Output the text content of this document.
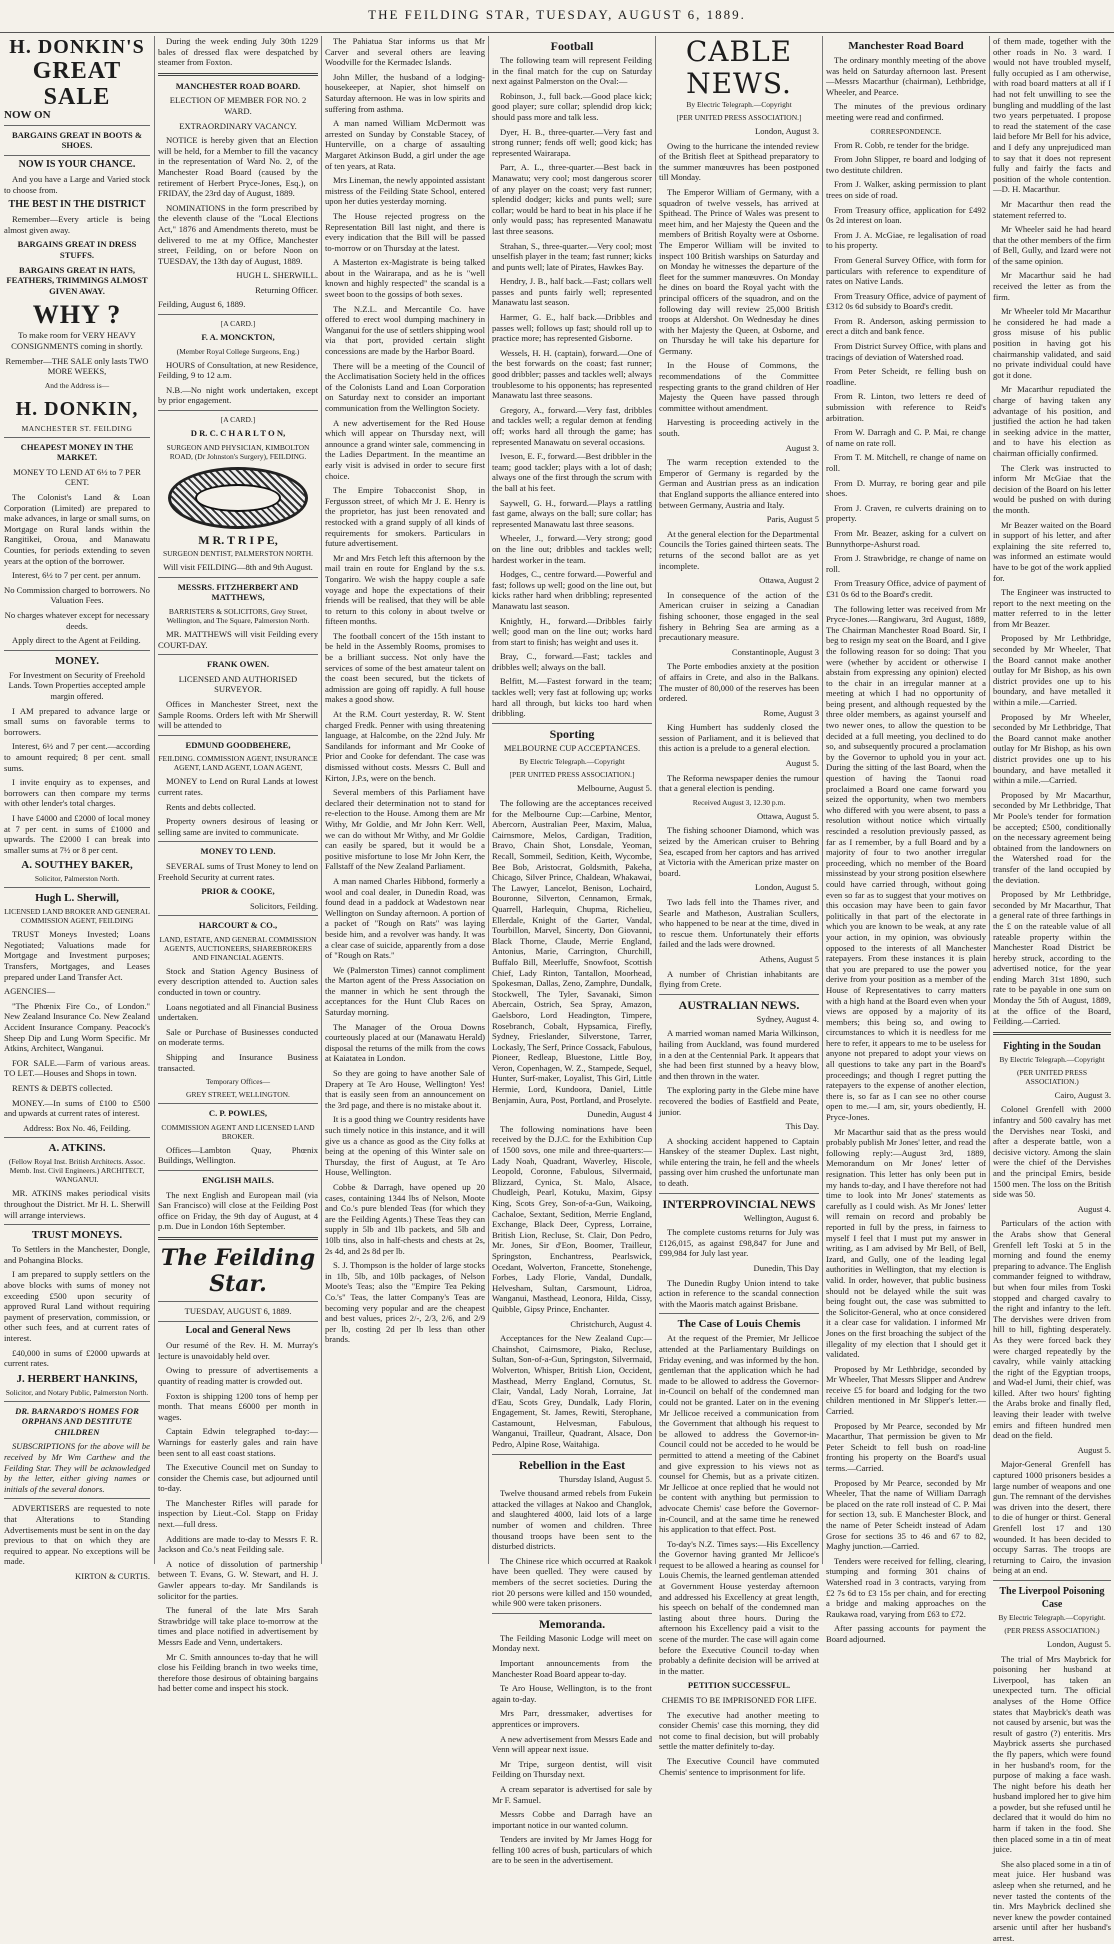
THE FEILDING STAR, TUESDAY, AUGUST 6, 1889.
H. DONKIN'S
GREAT SALE NOW ON

BARGAINS GREAT IN BOOTS & SHOES.

NOW IS YOUR CHANCE.

And you have a Large and Varied stock to choose from.

THE BEST IN THE DISTRICT

Remember—Every article is being almost given away.

BARGAINS GREAT IN DRESS STUFFS.

BARGAINS GREAT IN HATS, FEATHERS, TRIMMINGS ALMOST GIVEN AWAY.

WHY ?

To make room for VERY HEAVY CONSIGNMENTS coming in shortly.

Remember—THE SALE only lasts TWO MORE WEEKS,

And the Address is—

H. DONKIN,

MANCHESTER ST. FEILDING

CHEAPEST MONEY IN THE MARKET.

MONEY TO LEND AT 6½ to 7 PER CENT.

The Colonist's Land & Loan Corporation (Limited) are prepared to make advances, in large or small sums, on Mortgage on Rural lands within the Rangitikei, Oroua, and Manawatu Counties, for periods extending to seven years at the option of the borrower.

Interest, 6½ to 7 per cent. per annum.

No Commission charged to borrowers. No Valuation Fees.

No charges whatever except for necessary deeds.

Apply direct to the Agent at Feilding.

MONEY.

For Investment on Security of Freehold Lands. Town Properties accepted ample margin offered.

I AM prepared to advance large or small sums on favorable terms to borrowers.

Interest, 6½ and 7 per cent.—according to amount required; 8 per cent. small sums.

I invite enquiry as to expenses, and borrowers can then compare my terms with other lender's total charges.

I have £4000 and £2000 of local money at 7 per cent. in sums of £1000 and upwards. The £2000 I can break into smaller sums at 7½ or 8 per cent.

A. SOUTHEY BAKER,

Solicitor, Palmerston North.

Hugh L. Sherwill,

LICENSED LAND BROKER AND GENERAL COMMISSION AGENT, FEILDING

TRUST Moneys Invested; Loans Negotiated; Valuations made for Mortgage and Investment purposes; Transfers, Mortgages, and Leases prepared under Land Transfer Act.

AGENCIES—

"The Phœnix Fire Co., of London." New Zealand Insurance Co. New Zealand Accident Insurance Company. Peacock's Sheep Dip and Lung Worm Specific. Mr Atkins, Architect, Wanganui.

FOR SALE.—Farm of various areas. TO LET.—Houses and Shops in town.

RENTS & DEBTS collected.

MONEY.—In sums of £100 to £500 and upwards at current rates of interest.

Address: Box No. 46, Feilding.

A. ATKINS.

(Fellow Royal Inst. British Architects. Assoc. Memb. Inst. Civil Engineers.) ARCHITECT, WANGANUI.

MR. ATKINS makes periodical visits throughout the District. Mr H. L. Sherwill will arrange interviews.

TRUST MONEYS.

To Settlers in the Manchester, Dongle, and Pohangina Blocks.

I am prepared to supply settlers on the above blocks with sums of money not exceeding £500 upon security of approved Rural Land without requiring payment of preservation, commission, or other such fees, and at current rates of interest.

£40,000 in sums of £2000 upwards at current rates.

J. HERBERT HANKINS,

Solicitor, and Notary Public, Palmerston North.

DR. BARNARDO'S HOMES FOR ORPHANS AND DESTITUTE CHILDREN

SUBSCRIPTIONS for the above will be received by Mr Wm Carthew and the Feilding Star. They will be acknowledged by the letter, either giving names or initials of the several donors.

ADVERTISERS are requested to note that Alterations to Standing Advertisements must be sent in on the day previous to that on which they are required to appear. No exceptions will be made.

KIRTON & CURTIS.

During the week ending July 30th 1229 bales of dressed flax were despatched by steamer from Foxton.

MANCHESTER ROAD BOARD.

ELECTION OF MEMBER FOR NO. 2 WARD.

EXTRAORDINARY VACANCY.

NOTICE is hereby given that an Election will be held, for a Member to fill the vacancy in the representation of Ward No. 2, of the Manchester Road Board (caused by the retirement of Herbert Pryce-Jones, Esq.), on FRIDAY, the 23rd day of August, 1889.

NOMINATIONS in the form prescribed by the eleventh clause of the "Local Elections Act," 1876 and Amendments thereto, must be delivered to me at my Office, Manchester street, Feilding, on or before Noon on TUESDAY, the 13th day of August, 1889.

HUGH L. SHERWILL.

Returning Officer.

Feilding, August 6, 1889.

[A CARD.]

F. A. MONCKTON,

(Member Royal College Surgeons, Eng.)

HOURS of Consultation, at new Residence, Feilding, 9 to 12 a.m.

N.B.—No night work undertaken, except by prior engagement.

[A CARD.]

D R. C. C H A R L T O N,

SURGEON AND PHYSICIAN, KIMBOLTON ROAD, (Dr Johnston's Surgery), FEILDING.

M R. T R I P E,

SURGEON DENTIST, PALMERSTON NORTH.

Will visit FEILDING—8th and 9th August.

MESSRS. FITZHERBERT AND MATTHEWS,

BARRISTERS & SOLICITORS, Grey Street, Wellington, and The Square, Palmerston North.

MR. MATTHEWS will visit Feilding every COURT-DAY.

FRANK OWEN.

LICENSED AND AUTHORISED SURVEYOR.

Offices in Manchester Street, next the Sample Rooms. Orders left with Mr Sherwill will be attended to

EDMUND GOODBEHERE,

FEILDING. COMMISSION AGENT, INSURANCE AGENT, LAND AGENT, LOAN AGENT,

MONEY to Lend on Rural Lands at lowest current rates.

Rents and debts collected.

Property owners desirous of leasing or selling same are invited to communicate.

MONEY TO LEND.

SEVERAL sums of Trust Money to lend on Freehold Security at current rates.

PRIOR & COOKE,

Solicitors, Feilding.

HARCOURT & CO.,

LAND, ESTATE, AND GENERAL COMMISSION AGENTS, AUCTIONEERS, SHAREBROKERS AND FINANCIAL AGENTS.

Stock and Station Agency Business of every description attended to. Auction sales conducted in town or country.

Loans negotiated and all Financial Business undertaken.

Sale or Purchase of Businesses conducted on moderate terms.

Shipping and Insurance Business transacted.

Temporary Offices—

GREY STREET, WELLINGTON.

C. P. POWLES,

COMMISSION AGENT AND LICENSED LAND BROKER.

Offices—Lambton Quay, Phœnix Buildings, Wellington.

ENGLISH MAILS.

The next English and European mail (via San Francisco) will close at the Feilding Post office on Friday, the 9th day of August, at 4 p.m. Due in London 16th September.

The Feilding Star.

TUESDAY, AUGUST 6, 1889.

Local and General News

Our resumé of the Rev. H. M. Murray's lecture is unavoidably held over.

Owing to pressure of advertisements a quantity of reading matter is crowded out.

Foxton is shipping 1200 tons of hemp per month. That means £6000 per month in wages.

Captain Edwin telegraphed to-day:—Warnings for easterly gales and rain have been sent to all east coast stations.

The Executive Council met on Sunday to consider the Chemis case, but adjourned until to-day.

The Manchester Rifles will parade for inspection by Lieut.-Col. Stapp on Friday next.—full dress.

Additions are made to-day to Messrs F. R. Jackson and Co.'s neat Feilding sale.

A notice of dissolution of partnership between T. Evans, G. W. Stewart, and H. J. Gawler appears to-day. Mr Sandilands is solicitor for the parties.

The funeral of the late Mrs Sarah Strawbridge will take place to-morrow at the times and place notified in advertisement by Messrs Eade and Venn, undertakers.

Mr C. Smith announces to-day that he will close his Feilding branch in two weeks time, therefore those desirous of obtaining bargains had better come and inspect his stock.

The Pahiatua Star informs us that Mr Carver and several others are leaving Woodville for the Kermadec Islands.

John Miller, the husband of a lodging-housekeeper, at Napier, shot himself on Saturday afternoon. He was in low spirits and suffering from asthma.

A man named William McDermott was arrested on Sunday by Constable Stacey, of Hunterville, on a charge of assaulting Margaret Atkinson Budd, a girl under the age of ten years, at Rata.

Mrs Lineman, the newly appointed assistant mistress of the Feilding State School, entered upon her duties yesterday morning.

The House rejected progress on the Representation Bill last night, and there is every indication that the Bill will be passed to-morrow or on Thursday at the latest.

A Masterton ex-Magistrate is being talked about in the Wairarapa, and as he is "well known and highly respected" the scandal is a sweet boon to the gossips of both sexes.

The N.Z.L. and Mercantile Co. have offered to erect wool dumping machinery in Wanganui for the use of settlers shipping wool via that port, provided certain slight concessions are made by the Harbor Board.

There will be a meeting of the Council of the Acclimatisation Society held in the offices of the Colonists Land and Loan Corporation on Saturday next to consider an important communication from the Wellington Society.

A new advertisement for the Red House which will appear on Thursday next, will announce a grand winter sale, commencing in the Ladies Department. In the meantime an early visit is advised in order to secure first choice.

The Empire Tobacconist Shop, in Fergusson street, of which Mr J. E. Henry is the proprietor, has just been renovated and restocked with a grand supply of all kinds of requirements for smokers. Particulars in future advertisement.

Mr and Mrs Fetch left this afternoon by the mail train en route for England by the s.s. Tongariro. We wish the happy couple a safe voyage and hope the expectations of their friends will be realised, that they will be able to return to this colony in about twelve or fifteen months.

The football concert of the 15th instant to be held in the Assembly Rooms, promises to be a brilliant success. Not only have the services of some of the best amateur talent on the coast been secured, but the tickets of admission are going off rapidly. A full house makes a good show.

At the R.M. Court yesterday, R. W. Stent charged Fredk. Penner with using threatening language, at Halcombe, on the 22nd July. Mr Sandilands for informant and Mr Cooke of Prior and Cooke for defendant. The case was dismissed without costs. Messrs C. Bull and Kirton, J.P.s, were on the bench.

Several members of this Parliament have declared their determination not to stand for re-election to the House. Among them are Mr Withy, Mr Goldie, and Mr John Kerr. Well, we can do without Mr Withy, and Mr Goldie can easily be spared, but it would be a positive misfortune to lose Mr John Kerr, the Fallstaff of the New Zealand Parliament.

A man named Charles Hibbond, formerly a wool and coal dealer, in Dunedin Road, was found dead in a paddock at Wadestown near Wellington on Sunday afternoon. A portion of a packet of "Rough on Rats" was laying beside him, and a revolver was handy. It was a clear case of suicide, apparently from a dose of "Rough on Rats."

We (Palmerston Times) cannot compliment the Marton agent of the Press Association on the manner in which he sent through the acceptances for the Hunt Club Races on Saturday morning.

The Manager of the Oroua Downs courteously placed at our (Manawatu Herald) disposal the returns of the milk from the cows at Kaiatatea in London.

So they are going to have another Sale of Drapery at Te Aro House, Wellington! Yes! that is easily seen from an announcement on the 3rd page, and there is no mistake about it.

It is a good thing we Country residents have such timely notice in this instance, and it will give us a chance as good as the City folks at being at the opening of this Winter sale on Thursday, the first of August, at Te Aro House, Wellington.

Cobbe & Darragh, have opened up 20 cases, containing 1344 lbs of Nelson, Moote and Co.'s pure blended Teas (for which they are the Feilding Agents.) These Teas they can supply in 5lb and 1lb packets, and 5lb and 10lb tins, also in half-chests and chests at 2s, 2s 4d, and 2s 8d per lb.

S. J. Thompson is the holder of large stocks in 1lb, 5lb, and 10lb packages, of Nelson Moote's Teas; also the "Empire Tea Peking Co.'s" Teas, the latter Company's Teas are becoming very popular and are the cheapest and best values, prices 2/-, 2/3, 2/6, and 2/9 per lb, costing 2d per lb less than other brands.

Football

The following team will represent Feilding in the final match for the cup on Saturday next against Palmerston on the Oval:—

Robinson, J., full back.—Good place kick; good player; sure collar; splendid drop kick; should pass more and talk less.

Dyer, H. B., three-quarter.—Very fast and strong runner; fends off well; good kick; has represented Wairarapa.

Parr, A. L., three-quarter.—Best back in Manawatu; very cool; most dangerous scorer of any player on the coast; very fast runner; splendid dodger; kicks and punts well; sure collar; would be hard to beat in his place if he only would pass; has represented Manawatu last three seasons.

Strahan, S., three-quarter.—Very cool; most unselfish player in the team; fast runner; kicks and punts well; late of Pirates, Hawkes Bay.

Hendry, J. B., half back.—Fast; collars well passes and punts fairly well; represented Manawatu last season.

Harmer, G. E., half back.—Dribbles and passes well; follows up fast; should roll up to practice more; has represented Gisborne.

Wessels, H. H. (captain), forward.—One of the best forwards on the coast; fast runner; good dribbler; passes and tackles well; always troublesome to his opponents; has represented Manawatu last three seasons.

Gregory, A., forward.—Very fast, dribbles and tackles well; a regular demon at fending off; works hard all through the game; has represented Manawatu on several occasions.

Iveson, E. F., forward.—Best dribbler in the team; good tackler; plays with a lot of dash; always one of the first through the scrum with the ball at his feet.

Saywell, G. H., forward.—Plays a rattling fast game, always on the ball; sure collar; has represented Manawatu last three seasons.

Wheeler, J., forward.—Very strong; good on the line out; dribbles and tackles well; hardest worker in the team.

Hodges, C., centre forward.—Powerful and fast; follows up well; good on the line out, but kicks rather hard when dribbling; represented Manawatu last season.

Knightly, H., forward.—Dribbles fairly well; good man on the line out; works hard from start to finish; has weight and uses it.

Bray, C., forward.—Fast; tackles and dribbles well; always on the ball.

Belfitt, M.—Fastest forward in the team; tackles well; very fast at following up; works hard all through, but kicks too hard when dribbling.

Sporting

MELBOURNE CUP ACCEPTANCES.

By Electric Telegraph.—Copyright

[PER UNITED PRESS ASSOCIATION.]

Melbourne, August 5.

The following are the acceptances received for the Melbourne Cup:—Carbine, Mentor, Abercorn, Australian Peer, Maxim, Malua, Cairnsmore, Melos, Cardigan, Tradition, Bravo, Chain Shot, Lonsdale, Yeoman, Recall, Sommeil, Sedition, Keith, Wycombe, Bee Bob, Aristocrat, Goldsmith, Pakeha, Chicago, Silver Prince, Chaldean, Whakawai, The Lawyer, Lancelot, Benison, Lochaird, Bouronne, Silverton, Cennamon, Ermak, Quarrell, Harlequin, Chupma, Richelieu, Ellerdale, Knight of the Garter, Vandal, Tourbillon, Marvel, Sincerty, Don Giovanni, Black Thorne, Claude, Merrie England, Antonius, Marie, Carrington, Churchill, Buffalo Bill, Meerluffe, Snowfoot, Scottish Chief, Lady Rinton, Tantallon, Moorhead, Spokesman, Dallas, Zeno, Zamphre, Dundalk, Stockwell, The Tyler, Savanaki, Simon Abercain, Ostrich, Sea Spray, Amazon, Gaelsboro, Lord Headington, Timpere, Rosebranch, Cobalt, Hypsamica, Firefly, Sydney, Frieslander, Silverstone, Tarrer, Lockasly, The Serf, Prince Cossack, Fabulous, Pioneer, Redleap, Bluestone, Little Boy, Veron, Copenhagen, W. Z., Stampede, Sequel, Hunter, Surf-maker, Loyalist, This Girl, Little Hermie, Lord, Kundoora, Daniel, Little Benjamin, Aura, Post, Portland, and Proselyte.

Dunedin, August 4

The following nominations have been received by the D.J.C. for the Exhibition Cup of 1500 sovs, one mile and three-quarters:—Lady Noah, Quadrant, Waverley, Hiscole, Leopold, Coronne, Fabulous, Silvermaid, Blizzard, Cynica, St. Malo, Alsace, Chudleigh, Pearl, Kotuku, Maxim, Gipsy King, Scots Grey, Son-of-a-Gun, Waikoing, Cachaloe, Sextant, Sedition, Merrie England, Exchange, Black Deer, Cypress, Lorraine, British Lion, Recluse, St. Clair, Don Pedro, Mr. Jones, Sir d'Eon, Boomer, Trailleur, Springston, Enchantress, Pearlswick, Ocedant, Wolverton, Francette, Stonehenge, Forbes, Lady Florie, Vandal, Dundalk, Helvesham, Sultan, Carsmount, Lidroa, Wanganui, Masthead, Leonora, Hilda, Cissy, Quibble, Gipsy Prince, Enchanter.

Christchurch, August 4.

Acceptances for the New Zealand Cup:—Chainshot, Cairnsmore, Piako, Recluse, Sultan, Son-of-a-Gun, Springston, Silvermaid, Wolverton, Whisper, British Lion, Occident, Masthead, Merry England, Cornutus, St. Clair, Vandal, Lady Norah, Lorraine, Jat d'Eau, Scots Grey, Dundalk, Lady Florin, Engagement, St. James, Rewiti, Sterophane, Castamount, Helvesman, Fabulous, Wanganui, Trailleur, Quadrant, Alsace, Don Pedro, Alpine Rose, Waitahiga.

Rebellion in the East

Thursday Island, August 5.

Twelve thousand armed rebels from Fukein attacked the villages at Nakoo and Changlok, and slaughtered 4000, laid lots of a large number of women and children. Three thousand troops have been sent to the disturbed districts.

The Chinese rice which occurred at Raakok have been quelled. They were caused by members of the secret societies. During the riot 20 persons were killed and 150 wounded, while 900 were taken prisoners.

Memoranda.

The Feilding Masonic Lodge will meet on Monday next.

Important announcements from the Manchester Road Board appear to-day.

Te Aro House, Wellington, is to the front again to-day.

Mrs Parr, dressmaker, advertises for apprentices or improvers.

A new advertisement from Messrs Eade and Venn will appear next issue.

Mr Tripe, surgeon dentist, will visit Feilding on Thursday next.

A cream separator is advertised for sale by Mr F. Samuel.

Messrs Cobbe and Darragh have an important notice in our wanted column.

Tenders are invited by Mr James Hogg for felling 100 acres of bush, particulars of which are to be seen in the advertisement.

CABLE NEWS.

By Electric Telegraph.—Copyright

[PER UNITED PRESS ASSOCIATION.]

London, August 3.

Owing to the hurricane the intended review of the British fleet at Spithead preparatory to the summer manœuvres has been postponed till Monday.

The Emperor William of Germany, with a squadron of twelve vessels, has arrived at Spithead. The Prince of Wales was present to meet him, and her Majesty the Queen and the members of British Royalty were at Osborne. The Emperor William will be invited to inspect 100 British warships on Saturday and on Monday he witnesses the departure of the fleet for the summer manœuvres. On Monday he dines on board the Royal yacht with the principal officers of the squadron, and on the following day will review 25,000 British troops at Aldershot. On Wednesday he dines with her Majesty the Queen, at Osborne, and on Thursday he will take his departure for Germany.

In the House of Commons, the recommendations of the Committee respecting grants to the grand children of Her Majesty the Queen have passed through committee without amendment.

Harvesting is proceeding actively in the south.

August 3.

The warm reception extended to the Emperor of Germany is regarded by the German and Austrian press as an indication that England supports the alliance entered into between Germany, Austria and Italy.

Paris, August 5

At the general election for the Departmental Councils the Tories gained thirteen seats. The returns of the second ballot are as yet incomplete.

Ottawa, August 2

In consequence of the action of the American cruiser in seizing a Canadian fishing schooner, those engaged in the seal fishery in Behring Sea are arming as a precautionary measure.

Constantinople, August 3

The Porte embodies anxiety at the position of affairs in Crete, and also in the Balkans. The muster of 80,000 of the reserves has been ordered.

Rome, August 3

King Humbert has suddenly closed the session of Parliament, and it is believed that this action is a prelude to a general election.

August 5.

The Reforma newspaper denies the rumour that a general election is pending.

Received August 3, 12.30 p.m.

Ottawa, August 5.

The fishing schooner Diamond, which was seized by the American cruiser to Behring Sea, escaped from her captors and has arrived at Victoria with the American prize master on board.

London, August 5.

Two lads fell into the Thames river, and Searle and Matheson, Australian Scullers, who happened to be near at the time, dived in to rescue them. Unfortunately their efforts failed and the lads were drowned.

Athens, August 5

A number of Christian inhabitants are flying from Crete.

AUSTRALIAN NEWS.

Sydney, August 4.

A married woman named Maria Wilkinson, hailing from Auckland, was found murdered in a den at the Centennial Park. It appears that she had been first stunned by a heavy blow, and then thrown in the water.

The exploring party in the Glebe mine have recovered the bodies of Eastfield and Peate, junior.

This Day.

A shocking accident happened to Captain Hanskey of the steamer Duplex. Last night, while entering the train, he fell and the wheels passing over him crushed the unfortunate man to death.

INTERPROVINCIAL NEWS

Wellington, August 6.

The complete customs returns for July was £126,015, as against £98,847 for June and £99,984 for July last year.

Dunedin, This Day

The Dunedin Rugby Union intend to take action in reference to the scandal connection with the Maoris match against Brisbane.

The Case of Louis Chemis

At the request of the Premier, Mr Jellicoe attended at the Parliamentary Buildings on Friday evening, and was informed by the hon. gentleman that the application which he had made to be allowed to address the Governor-in-Council on behalf of the condemned man could not be granted. Later on in the evening Mr Jellicoe received a communication from the Government that although his request to be allowed to address the Governor-in-Council could not be acceded to he would be permitted to attend a meeting of the Cabinet and give expression to his views not as counsel for Chemis, but as a private citizen. Mr Jellicoe at once replied that he would not be content with anything but permission to advocate Chemis' case before the Governor-in-Council, and at the same time he renewed his application to that effect. Post.

To-day's N.Z. Times says:—His Excellency the Governor having granted Mr Jellicoe's request to be allowed a hearing as counsel for Louis Chemis, the learned gentleman attended at Government House yesterday afternoon and addressed his Excellency at great length, his speech on behalf of the condemned man lasting about three hours. During the afternoon his Excellency paid a visit to the scene of the murder. The case will again come before the Executive Council to-day when probably a definite decision will be arrived at in the matter.

PETITION SUCCESSFUL.

CHEMIS TO BE IMPRISONED FOR LIFE.

The executive had another meeting to consider Chemis' case this morning, they did not come to final decision, but will probably settle the matter definitely to-day.

The Executive Council have commuted Chemis' sentence to imprisonment for life.

Manchester Road Board

The ordinary monthly meeting of the above was held on Saturday afternoon last. Present—Messrs Macarthur (chairman), Lethbridge, Wheeler, and Pearce.

The minutes of the previous ordinary meeting were read and confirmed.

CORRESPONDENCE.

From R. Cobb, re tender for the bridge.

From John Slipper, re board and lodging of two destitute children.

From J. Walker, asking permission to plant trees on side of road.

From Treasury office, application for £492 0s 2d interest on loan.

From J. A. McGiae, re legalisation of road to his property.

From General Survey Office, with form for particulars with reference to expenditure of rates on Native Lands.

From Treasury Office, advice of payment of £312 0s 6d subsidy to Board's credit.

From R. Anderson, asking permission to erect a ditch and bank fence.

From District Survey Office, with plans and tracings of deviation of Watershed road.

From Peter Scheidt, re felling bush on roadline.

From R. Linton, two letters re deed of submission with reference to Reid's arbitration.

From W. Darragh and C. P. Mai, re change of name on rate roll.

From T. M. Mitchell, re change of name on roll.

From D. Murray, re boring gear and pile shoes.

From J. Craven, re culverts draining on to property.

From Mr. Beazer, asking for a culvert on Bunnythorpe-Ashurst road.

From J. Strawbridge, re change of name on roll.

From Treasury Office, advice of payment of £31 0s 6d to the Board's credit.

The following letter was received from Mr Pryce-Jones.—Rangiwaru, 3rd August, 1889, The Chairman Manchester Road Board. Sir, I beg to resign my seat on the Board, and I give the following reason for so doing: That you were (whether by accident or otherwise I abstain from expressing any opinion) elected to the chair in an irregular manner at a meeting at which I had no opportunity of being present, and although requested by the three older members, as against yourself and two newer ones, to allow the question to be decided at a full meeting, you declined to do so, and subsequently procured a proclamation by the Governor to uphold you in your act. During the sitting of the last Board, when the question of having the Taonui road proclaimed a Board one came forward you seized the opportunity, when two members who differed with you were absent, to pass a resolution without notice which virtually rescinded a resolution previously passed, as far as I remember, by a full Board and by a majority of four to two another irregular proceeding, which no member of the Board missinstead by your strong position elsewhere could have carried through, without going even so far as to suggest that your motives on this occasion may have been to gain favor politically in that part of the electorate in which you are known to be weak, at any rate your action, in my opinion, was obviously opposed to the interests of all Manchester ratepayers. From these instances it is plain that you are prepared to use the power you derive from your position as a member of the House of Representatives to carry matters with a high hand at the Board even when your views are opposed by a majority of its members; this being so, and owing to circumstances to which it is needless for me here to refer, it appears to me to be useless for anyone not prepared to adopt your views on all questions to take any part in the Board's proceedings; and though I regret putting the ratepayers to the expense of another election, there is, so far as I can see no other course open to me.—I am, sir, yours obediently, H. Pryce-Jones.

Mr Macarthur said that as the press would probably publish Mr Jones' letter, and read the following reply:—August 3rd, 1889, Memorandum on Mr Jones' letter of resignation. This letter has only been put in my hands to-day, and I have therefore not had time to look into Mr Jones' statements as carefully as I could wish. As Mr Jones' letter will remain on record and probably be reported in full by the press, in fairness to myself I feel that I must put my answer in writing, as I am advised by Mr Bell, of Bell, Izard, and Gully, one of the leading legal authorities in Wellington, that my election is valid. In order, however, that public business should not be delayed while the suit was being fought out, the case was submitted to the Solicitor-General, who at once considered it a clear case for validation. I informed Mr Jones on the first broaching the subject of the illegality of my election that I should get it validated.

Proposed by Mr Lethbridge, seconded by Mr Wheeler, That Messrs Slipper and Andrew receive £5 for board and lodging for the two children mentioned in Mr Slipper's letter.—Carried.

Proposed by Mr Pearce, seconded by Mr Macarthur, That permission be given to Mr Peter Scheidt to fell bush on road-line fronting his property on the Board's usual terms.—Carried.

Proposed by Mr Pearce, seconded by Mr Wheeler, That the name of William Darragh be placed on the rate roll instead of C. P. Mai for section 13, sub. E Manchester Block, and the name of Peter Scheidt instead of Adam Grose for sections 35 to 46 and 67 to 82, Maghy junction.—Carried.

Tenders were received for felling, clearing, stumping and forming 301 chains of Watershed road in 3 contracts, varying from £2 7s 6d to £3 15s per chain, and for erecting a bridge and making approaches on the Raukawa road, varying from £63 to £72.

After passing accounts for payment the Board adjourned.

of them made, together with the other roads in No. 3 ward. I would not have troubled myself, fully occupied as I am otherwise, with road board matters at all if I had not felt unwilling to see the bungling and muddling of the last two years perpetuated. I propose to read the statement of the case laid before Mr Bell for his advice, and I defy any unprejudiced man to say that it does not represent fully and fairly the facts and position of the whole contention.—D. H. Macarthur.

Mr Macarthur then read the statement referred to.

Mr Wheeler said he had heard that the other members of the firm of Bell, Gully, and Izard were not of the same opinion.

Mr Macarthur said he had received the letter as from the firm.

Mr Wheeler told Mr Macarthur he considered he had made a gross misuse of his public position in having got his chairmanship validated, and said no private individual could have got it done.

Mr Macarthur repudiated the charge of having taken any advantage of his position, and justified the action he had taken in seeking advice in the matter, and to have his election as chairman officially confirmed.

The Clerk was instructed to inform Mr McGiae that the decision of the Board on his letter would be pushed on with during the month.

Mr Beazer waited on the Board in support of his letter, and after explaining the site referred to, was informed an estimate would have to be got of the work applied for.

The Engineer was instructed to report to the next meeting on the matter referred to in the letter from Mr Beazer.

Proposed by Mr Lethbridge, seconded by Mr Wheeler, That the Board cannot make another outlay for Mr Bishop, as his own district provides one up to his boundary, and have metalled it within a mile.—Carried.

Proposed by Mr Wheeler, seconded by Mr Lethbridge, That the Board cannot make another outlay for Mr Bishop, as his own district provides one up to his boundary, and have metalled it within a mile.—Carried.

Proposed by Mr Macarthur, seconded by Mr Lethbridge, That Mr Poole's tender for formation be accepted; £500, conditionally on the necessary agreement being obtained from the landowners on the Watershed road for the transfer of the land occupied by the deviation.

Proposed by Mr Lethbridge, seconded by Mr Macarthur, That a general rate of three farthings in the £ on the rateable value of all rateable property within the Manchester Road District be hereby struck, according to the advertised notice, for the year ending March 31st 1890, such rate to be payable in one sum on Monday the 5th of August, 1889, at the office of the Board, Feilding.—Carried.

Fighting in the Soudan

By Electric Telegraph.—Copyright

(PER UNITED PRESS ASSOCIATION.)

Cairo, August 3.

Colonel Grenfell with 2000 infantry and 500 cavalry has met the Dervishes near Toski, and after a desperate battle, won a decisive victory. Among the slain were the chief of the Dervishes and the principal Emirs, beside 1500 men. The loss on the British side was 50.

August 4.

Particulars of the action with the Arabs show that General Grenfell left Toski at 5 in the morning and found the enemy preparing to advance. The English commander feigned to withdraw, but when four miles from Toski stopped and charged cavalry to the right and infantry to the left. The dervishes were driven from hill to hill, fighting desperately. As they were forced back they were charged repeatedly by the cavalry, while vainly attacking the right of the Egyptian troops, and Wad-el Jumi, their chief, was killed. After two hours' fighting the Arabs broke and finally fled, leaving their leader with twelve emirs and fifteen hundred men dead on the field.

August 5.

Major-General Grenfell has captured 1000 prisoners besides a large number of weapons and one gun. The remnant of the dervishes was driven into the desert, there to die of hunger or thirst. General Grenfell lost 17 and 130 wounded. It has been decided to occupy Sarras. The troops are returning to Cairo, the invasion being at an end.

The Liverpool Poisoning Case

By Electric Telegraph.—Copyright.

(PER PRESS ASSOCIATION.)

London, August 5.

The trial of Mrs Maybrick for poisoning her husband at Liverpool, has taken an unexpected turn. The official analyses of the Home Office states that Maybrick's death was not caused by arsenic, but was the result of gastro (?) enteritis. Mrs Maybrick asserts she purchased the fly papers, which were found in her husband's room, for the purpose of making a face wash. The night before his death her husband implored her to give him a powder, but she refused until he declared that it would do him no harm if taken in the food. She then placed some in a tin of meat juice.

She also placed some in a tin of meat juice. Her husband was asleep when she returned, and he never tasted the contents of the tin. Mrs Maybrick declined she never knew the powder contained arsenic until after her husband's arrest.
